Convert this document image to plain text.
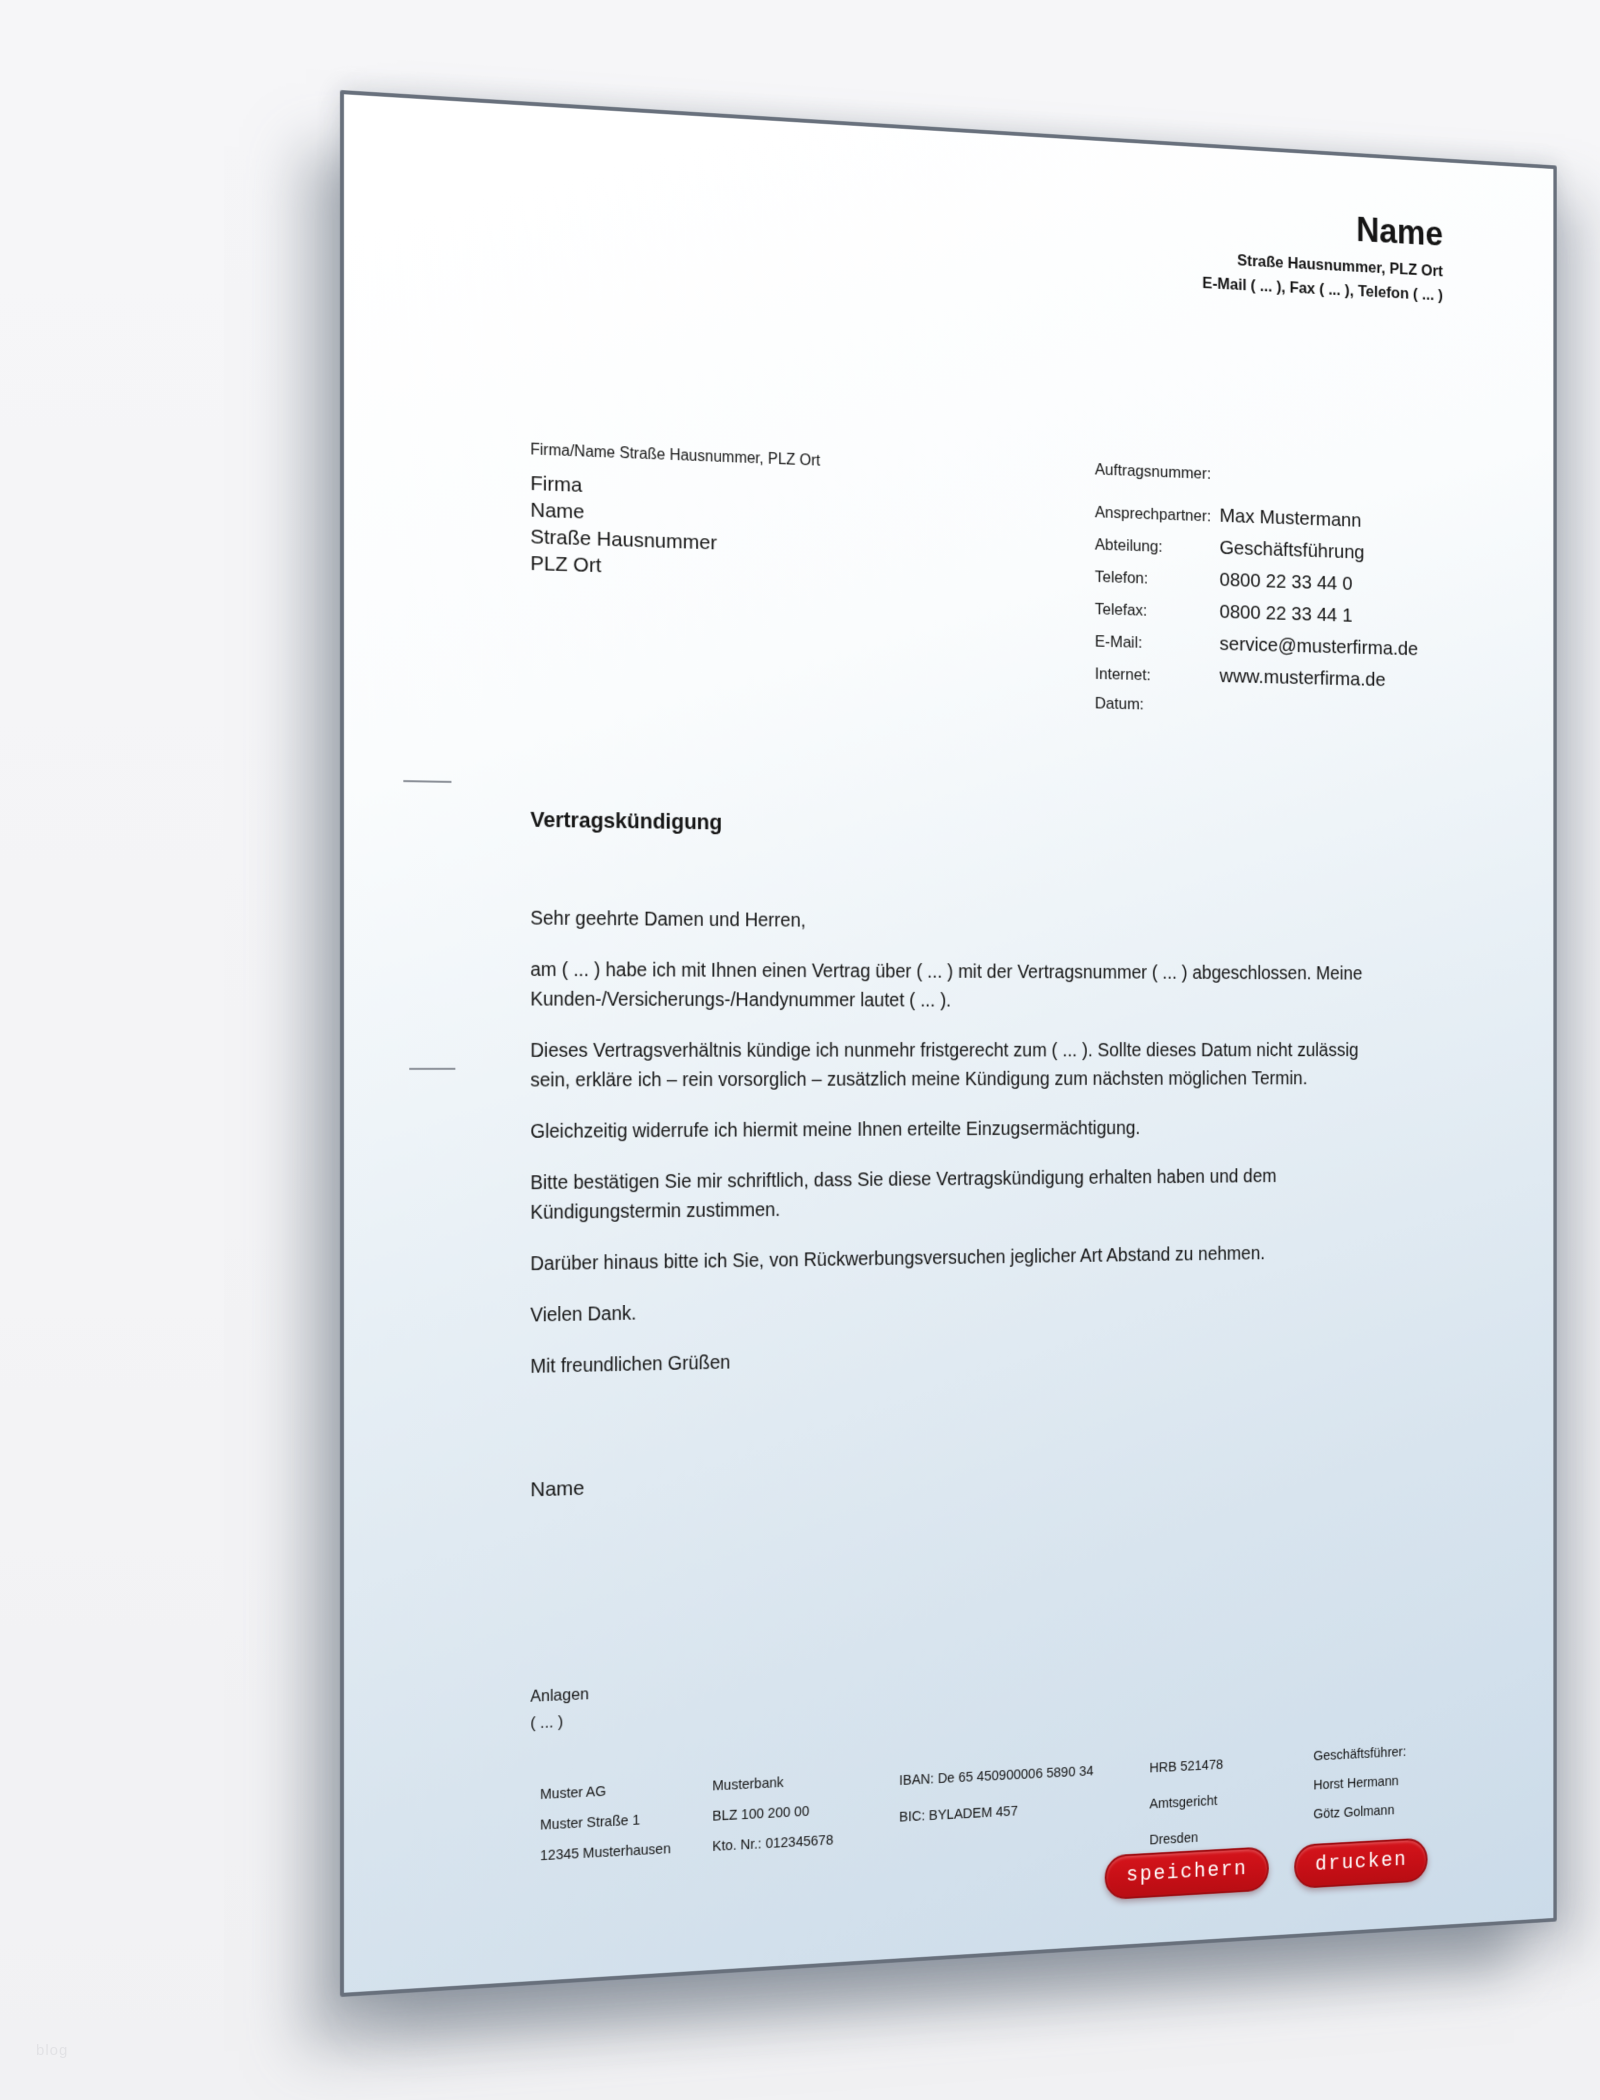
blog
Name
Straße Hausnummer, PLZ Ort
E-Mail ( ... ), Fax ( ... ), Telefon ( ... )
Firma/Name Straße Hausnummer, PLZ Ort
Firma
Name
Straße Hausnummer
PLZ Ort
Auftragsnummer:
Ansprechpartner: Max Mustermann
Abteilung:	Geschäftsführung
Telefon:	0800 22 33 44 0
Telefax:	0800 22 33 44 1
E-Mail:	service@musterfirma.de
Internet:	www.musterfirma.de
Datum:
Vertragskündigung

Sehr geehrte Damen und Herren,

am ( ... ) habe ich mit Ihnen einen Vertrag über ( ... ) mit der Vertragsnummer ( ... ) abgeschlossen. Meine Kunden-/Versicherungs-/Handynummer lautet ( ... ).

Dieses Vertragsverhältnis kündige ich nunmehr fristgerecht zum ( ... ). Sollte dieses Datum nicht zulässig sein, erkläre ich – rein vorsorglich – zusätzlich meine Kündigung zum nächsten möglichen Termin.

Gleichzeitig widerrufe ich hiermit meine Ihnen erteilte Einzugsermächtigung.

Bitte bestätigen Sie mir schriftlich, dass Sie diese Vertragskündigung erhalten haben und dem Kündigungstermin zustimmen.

Darüber hinaus bitte ich Sie, von Rückwerbungsversuchen jeglicher Art Abstand zu nehmen.

Vielen Dank.

Mit freundlichen Grüßen

Name
Anlagen
( ... )
Muster AG
Muster Straße 1
12345 Musterhausen
Musterbank
BLZ 100 200 00
Kto. Nr.: 012345678
IBAN: De 65 450900006 5890 34
BIC: BYLADEM 457
HRB 521478
Amtsgericht
Dresden
Geschäftsführer:
Horst Hermann
Götz Golmann
speichern	drucken
